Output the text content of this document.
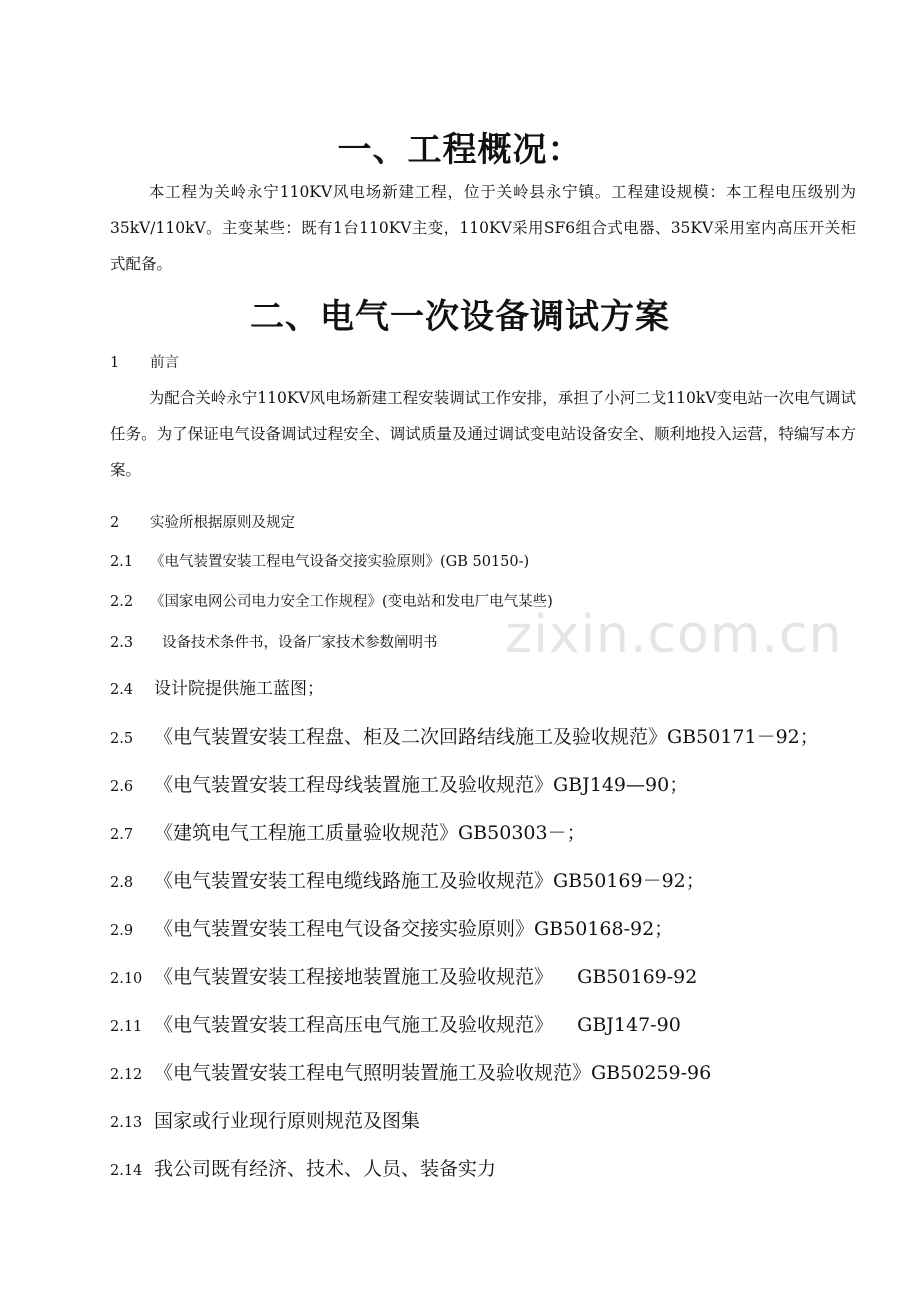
一、工程概况：
本工程为关岭永宁110KV风电场新建工程，位于关岭县永宁镇。工程建设规模：本工程电压级别为35kV/110kV。主变某些：既有1台110KV主变，110KV采用SF6组合式电器、35KV采用室内高压开关柜式配备。
二、电气一次设备调试方案
1 前言
为配合关岭永宁110KV风电场新建工程安装调试工作安排，承担了小河二戈110kV变电站一次电气调试任务。为了保证电气设备调试过程安全、调试质量及通过调试变电站设备安全、顺利地投入运营，特编写本方案。
2 实验所根据原则及规定
2.1 《电气装置安装工程电气设备交接实验原则》(GB 50150-)
2.2 《国家电网公司电力安全工作规程》(变电站和发电厂电气某些)
2.3 设备技术条件书，设备厂家技术参数阐明书
2.4 设计院提供施工蓝图；
2.5 《电气装置安装工程盘、柜及二次回路结线施工及验收规范》GB50171－92；
2.6 《电气装置安装工程母线装置施工及验收规范》GBJ149—90；
2.7 《建筑电气工程施工质量验收规范》GB50303－；
2.8 《电气装置安装工程电缆线路施工及验收规范》GB50169－92；
2.9 《电气装置安装工程电气设备交接实验原则》GB50168-92；
2.10 《电气装置安装工程接地装置施工及验收规范》    GB50169-92
2.11 《电气装置安装工程高压电气施工及验收规范》    GBJ147-90
2.12 《电气装置安装工程电气照明装置施工及验收规范》GB50259-96
2.13 国家或行业现行原则规范及图集
2.14 我公司既有经济、技术、人员、装备实力
zixin.com.cn
